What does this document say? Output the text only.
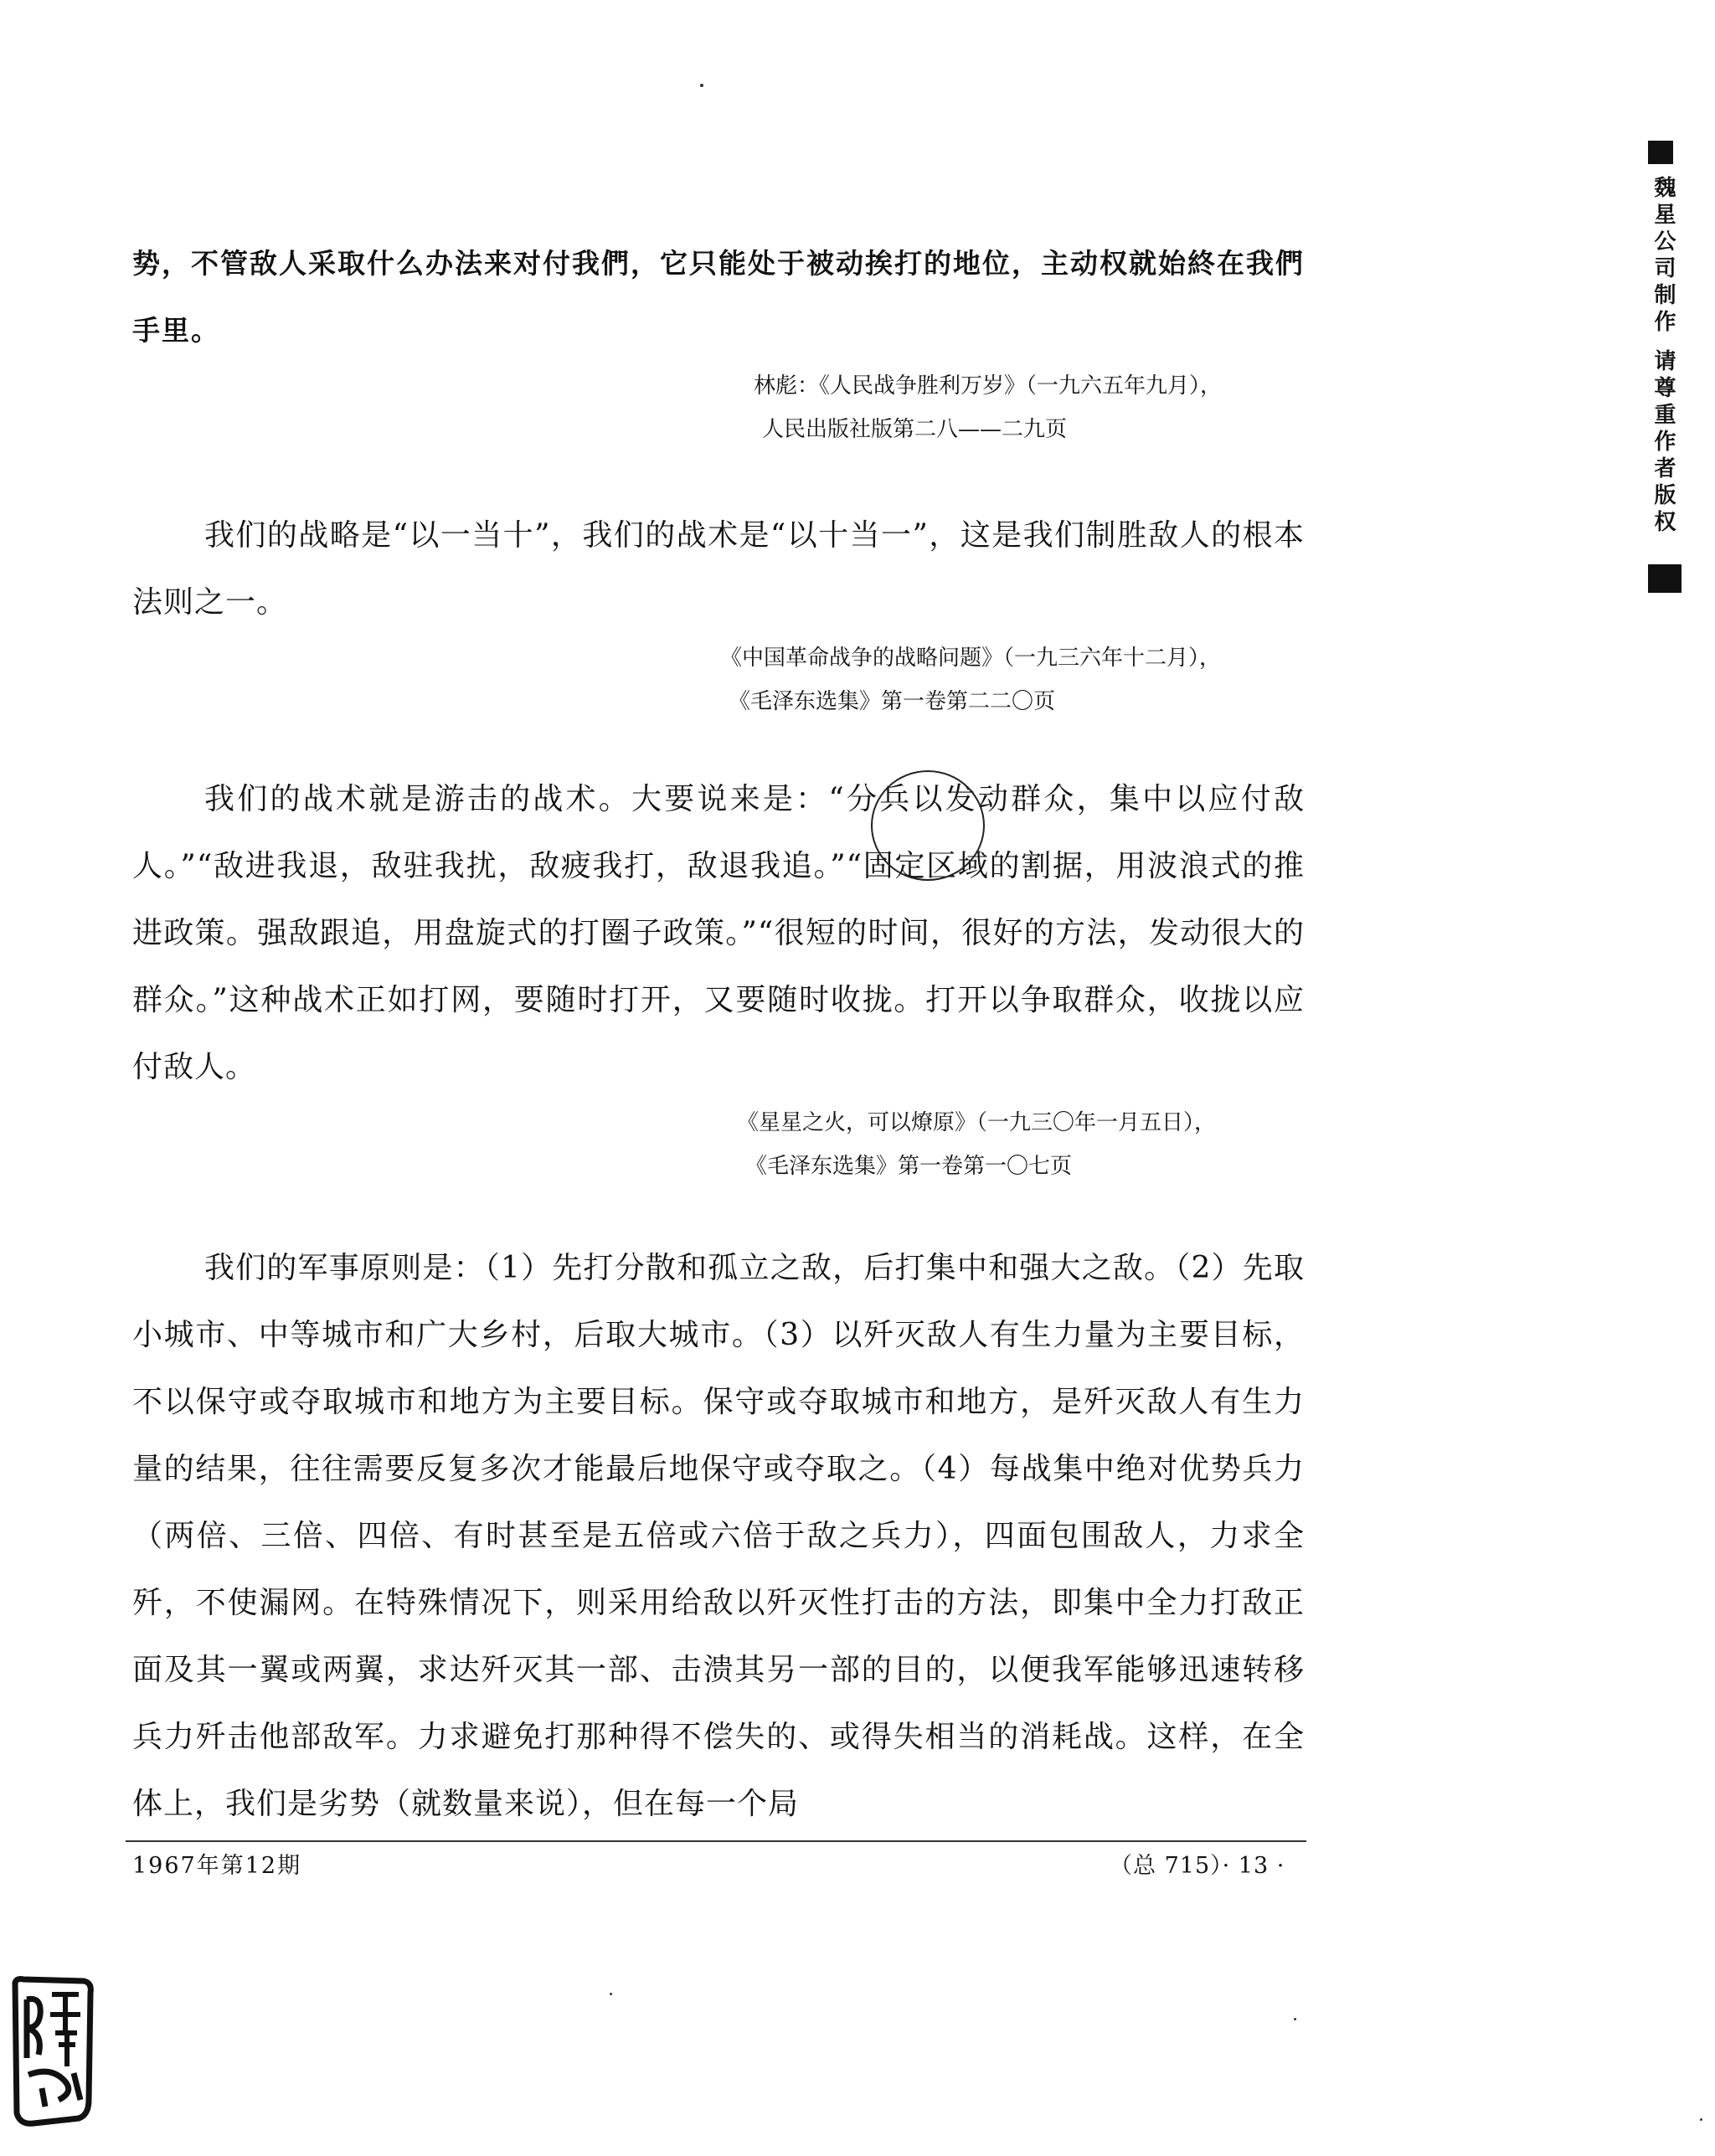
势，不管敌人采取什么办法来对付我們，它只能处于被动挨打的地位，主动权就始終在我們手里。

林彪：《人民战争胜利万岁》（一九六五年九月），
人民出版社版第二八——二九页

我们的战略是“以一当十”，我们的战术是“以十当一”，这是我们制胜敌人的根本法则之一。

《中国革命战争的战略问题》（一九三六年十二月），
《毛泽东选集》第一卷第二二〇页

我们的战术就是游击的战术。大要说来是：“分兵以发动群众，集中以应付敌人。”“敌进我退，敌驻我扰，敌疲我打，敌退我追。”“固定区域的割据，用波浪式的推进政策。强敌跟追，用盘旋式的打圈子政策。”“很短的时间，很好的方法，发动很大的群众。”这种战术正如打网，要随时打开，又要随时收拢。打开以争取群众，收拢以应付敌人。

《星星之火，可以燎原》（一九三〇年一月五日），
《毛泽东选集》第一卷第一〇七页

我们的军事原则是：（1）先打分散和孤立之敌，后打集中和强大之敌。（2）先取小城市、中等城市和广大乡村，后取大城市。（3）以歼灭敌人有生力量为主要目标，不以保守或夺取城市和地方为主要目标。保守或夺取城市和地方，是歼灭敌人有生力量的结果，往往需要反复多次才能最后地保守或夺取之。（4）每战集中绝对优势兵力（两倍、三倍、四倍、有时甚至是五倍或六倍于敌之兵力），四面包围敌人，力求全歼，不使漏网。在特殊情况下，则采用给敌以歼灭性打击的方法，即集中全力打敌正面及其一翼或两翼，求达歼灭其一部、击溃其另一部的目的，以便我军能够迅速转移兵力歼击他部敌军。力求避免打那种得不偿失的、或得失相当的消耗战。这样，在全体上，我们是劣势（就数量来说），但在每一个局

1967年第12期	（总 715）· 13 ·
魏星公司制作 请尊重作者版权
